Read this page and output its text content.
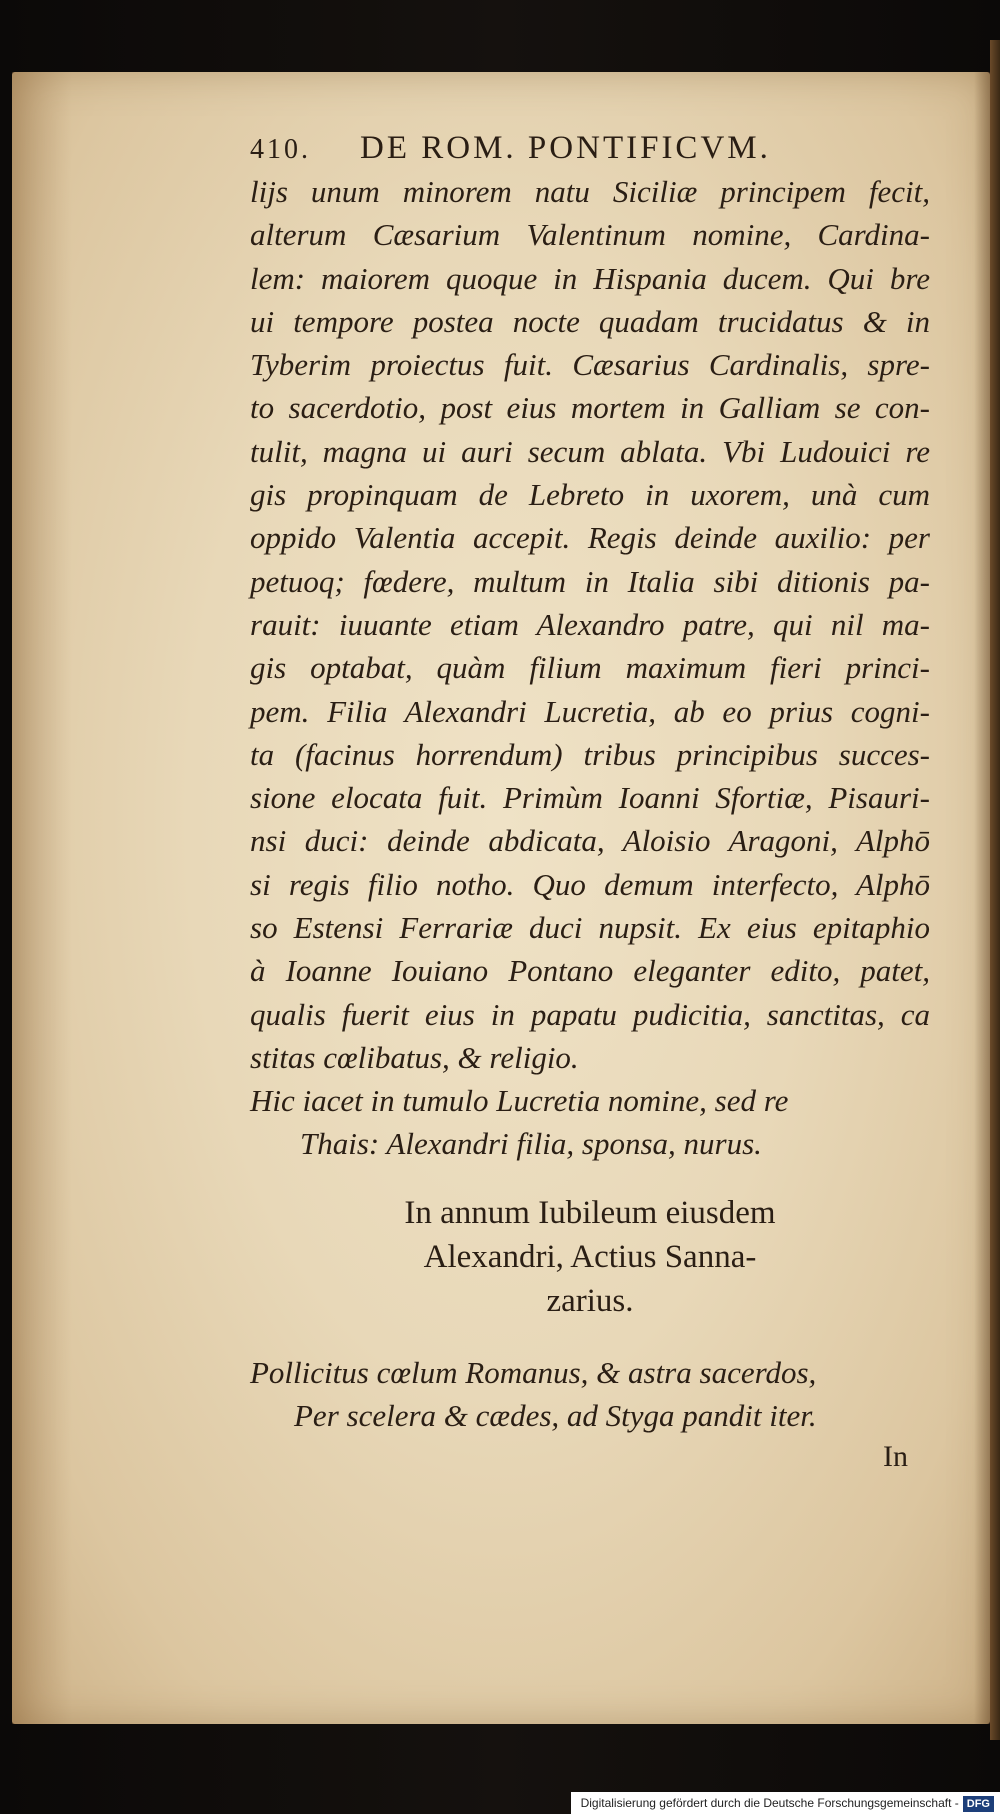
410. DE ROM. PONTIFICVM.
lijs unum minorem natu Siciliæ principem fecit,
alterum Cæsarium Valentinum nomine, Cardina-
lem: maiorem quoque in Hispania ducem. Qui bre
ui tempore postea nocte quadam trucidatus & in
Tyberim proiectus fuit. Cæsarius Cardinalis, spre-
to sacerdotio, post eius mortem in Galliam se con-
tulit, magna ui auri secum ablata. Vbi Ludouici re
gis propinquam de Lebreto in uxorem, unà cum
oppido Valentia accepit. Regis deinde auxilio: per
petuoq; fœdere, multum in Italia sibi ditionis pa-
rauit: iuuante etiam Alexandro patre, qui nil ma-
gis optabat, quàm filium maximum fieri princi-
pem. Filia Alexandri Lucretia, ab eo prius cogni-
ta (facinus horrendum) tribus principibus succes-
sione elocata fuit. Primùm Ioanni Sfortiæ, Pisauri-
nsi duci: deinde abdicata, Aloisio Aragoni, Alphō
si regis filio notho. Quo demum interfecto, Alphō
so Estensi Ferrariæ duci nupsit. Ex eius epitaphio
à Ioanne Iouiano Pontano eleganter edito, patet,
qualis fuerit eius in papatu pudicitia, sanctitas, ca
stitas cœlibatus, & religio.
Hic iacet in tumulo Lucretia nomine, sed re
Thais: Alexandri filia, sponsa, nurus.
In annum Iubileum eiusdem
Alexandri, Actius Sanna-
zarius.
Pollicitus cœlum Romanus, & astra sacerdos,
Per scelera & cædes, ad Styga pandit iter.
In
Digitalisierung gefördert durch die Deutsche Forschungsgemeinschaft - DFG
